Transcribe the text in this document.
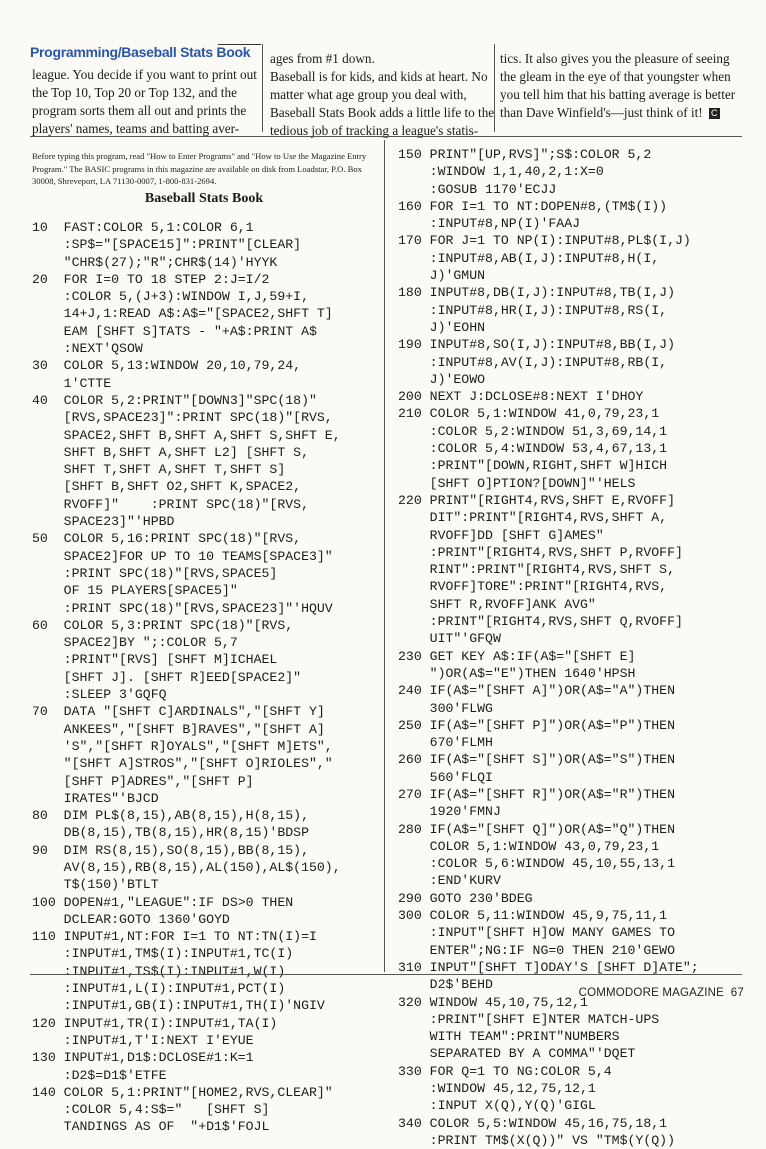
Programming/Baseball Stats Book

league. You decide if you want to print out the Top 10, Top 20 or Top 132, and the program sorts them all out and prints the players' names, teams and batting aver-

ages from #1 down.
Baseball is for kids, and kids at heart. No matter what age group you deal with, Baseball Stats Book adds a little life to the tedious job of tracking a league's statis-

tics. It also gives you the pleasure of seeing the gleam in the eye of that youngster when you tell him that his batting average is better than Dave Winfield's—just think of it! C

Before typing this program, read "How to Enter Programs" and "How to Use the Magazine Entry Program." The BASIC programs in this magazine are available on disk from Loadstar, P.O. Box 30008, Shreveport, LA 71130-0007, 1-800-831-2694.

Baseball Stats Book
10  FAST:COLOR 5,1:COLOR 6,1
:SP$="[SPACE15]":PRINT"[CLEAR]
"CHR$(27);"R";CHR$(14)'HYYK
20  FOR I=0 TO 18 STEP 2:J=I/2
:COLOR 5,(J+3):WINDOW I,J,59+I,
14+J,1:READ A$:A$="[SPACE2,SHFT T]
EAM [SHFT S]TATS - "+A$:PRINT A$
:NEXT'QSOW
30  COLOR 5,13:WINDOW 20,10,79,24,
1'CTTE
40  COLOR 5,2:PRINT"[DOWN3]"SPC(18)"
[RVS,SPACE23]":PRINT SPC(18)"[RVS,
SPACE2,SHFT B,SHFT A,SHFT S,SHFT E,
SHFT B,SHFT A,SHFT L2] [SHFT S,
SHFT T,SHFT A,SHFT T,SHFT S]
[SHFT B,SHFT O2,SHFT K,SPACE2,
RVOFF]"    :PRINT SPC(18)"[RVS,
SPACE23]"'HPBD
50  COLOR 5,16:PRINT SPC(18)"[RVS,
SPACE2]FOR UP TO 10 TEAMS[SPACE3]"
:PRINT SPC(18)"[RVS,SPACE5]
OF 15 PLAYERS[SPACE5]"
:PRINT SPC(18)"[RVS,SPACE23]"'HQUV
60  COLOR 5,3:PRINT SPC(18)"[RVS,
SPACE2]BY ";:COLOR 5,7
:PRINT"[RVS] [SHFT M]ICHAEL
[SHFT J]. [SHFT R]EED[SPACE2]"
:SLEEP 3'GQFQ
70  DATA "[SHFT C]ARDINALS","[SHFT Y]
ANKEES","[SHFT B]RAVES","[SHFT A]
'S","[SHFT R]OYALS","[SHFT M]ETS",
"[SHFT A]STROS","[SHFT O]RIOLES","
[SHFT P]ADRES","[SHFT P]
IRATES"'BJCD
80  DIM PL$(8,15),AB(8,15),H(8,15),
DB(8,15),TB(8,15),HR(8,15)'BDSP
90  DIM RS(8,15),SO(8,15),BB(8,15),
AV(8,15),RB(8,15),AL(150),AL$(150),
T$(150)'BTLT
100 DOPEN#1,"LEAGUE":IF DS>0 THEN
DCLEAR:GOTO 1360'GOYD
110 INPUT#1,NT:FOR I=1 TO NT:TN(I)=I
:INPUT#1,TM$(I):INPUT#1,TC(I)
:INPUT#1,TS$(I):INPUT#1,W(I)
:INPUT#1,L(I):INPUT#1,PCT(I)
:INPUT#1,GB(I):INPUT#1,TH(I)'NGIV
120 INPUT#1,TR(I):INPUT#1,TA(I)
:INPUT#1,T'I:NEXT I'EYUE
130 INPUT#1,D1$:DCLOSE#1:K=1
:D2$=D1$'ETFE
140 COLOR 5,1:PRINT"[HOME2,RVS,CLEAR]"
:COLOR 5,4:S$="   [SHFT S]
TANDINGS AS OF  "+D1$'FOJL
150 PRINT"[UP,RVS]";S$:COLOR 5,2
:WINDOW 1,1,40,2,1:X=0
:GOSUB 1170'ECJJ
160 FOR I=1 TO NT:DOPEN#8,(TM$(I))
:INPUT#8,NP(I)'FAAJ
170 FOR J=1 TO NP(I):INPUT#8,PL$(I,J)
:INPUT#8,AB(I,J):INPUT#8,H(I,
J)'GMUN
180 INPUT#8,DB(I,J):INPUT#8,TB(I,J)
:INPUT#8,HR(I,J):INPUT#8,RS(I,
J)'EOHN
190 INPUT#8,SO(I,J):INPUT#8,BB(I,J)
:INPUT#8,AV(I,J):INPUT#8,RB(I,
J)'EOWO
200 NEXT J:DCLOSE#8:NEXT I'DHOY
210 COLOR 5,1:WINDOW 41,0,79,23,1
:COLOR 5,2:WINDOW 51,3,69,14,1
:COLOR 5,4:WINDOW 53,4,67,13,1
:PRINT"[DOWN,RIGHT,SHFT W]HICH
[SHFT O]PTION?[DOWN]"'HELS
220 PRINT"[RIGHT4,RVS,SHFT E,RVOFF]
DIT":PRINT"[RIGHT4,RVS,SHFT A,
RVOFF]DD [SHFT G]AMES"
:PRINT"[RIGHT4,RVS,SHFT P,RVOFF]
RINT":PRINT"[RIGHT4,RVS,SHFT S,
RVOFF]TORE":PRINT"[RIGHT4,RVS,
SHFT R,RVOFF]ANK AVG"
:PRINT"[RIGHT4,RVS,SHFT Q,RVOFF]
UIT"'GFQW
230 GET KEY A$:IF(A$="[SHFT E]
")OR(A$="E")THEN 1640'HPSH
240 IF(A$="[SHFT A]")OR(A$="A")THEN
300'FLWG
250 IF(A$="[SHFT P]")OR(A$="P")THEN
670'FLMH
260 IF(A$="[SHFT S]")OR(A$="S")THEN
560'FLQI
270 IF(A$="[SHFT R]")OR(A$="R")THEN
1920'FMNJ
280 IF(A$="[SHFT Q]")OR(A$="Q")THEN
COLOR 5,1:WINDOW 43,0,79,23,1
:COLOR 5,6:WINDOW 45,10,55,13,1
:END'KURV
290 GOTO 230'BDEG
300 COLOR 5,11:WINDOW 45,9,75,11,1
:INPUT"[SHFT H]OW MANY GAMES TO
ENTER";NG:IF NG=0 THEN 210'GEWO
310 INPUT"[SHFT T]ODAY'S [SHFT D]ATE";
D2$'BEHD
320 WINDOW 45,10,75,12,1
:PRINT"[SHFT E]NTER MATCH-UPS
WITH TEAM":PRINT"NUMBERS
SEPARATED BY A COMMA"'DQET
330 FOR Q=1 TO NG:COLOR 5,4
:WINDOW 45,12,75,12,1
:INPUT X(Q),Y(Q)'GIGL
340 COLOR 5,5:WINDOW 45,16,75,18,1
:PRINT TM$(X(Q))" VS "TM$(Y(Q))
COMMODORE MAGAZINE 67
